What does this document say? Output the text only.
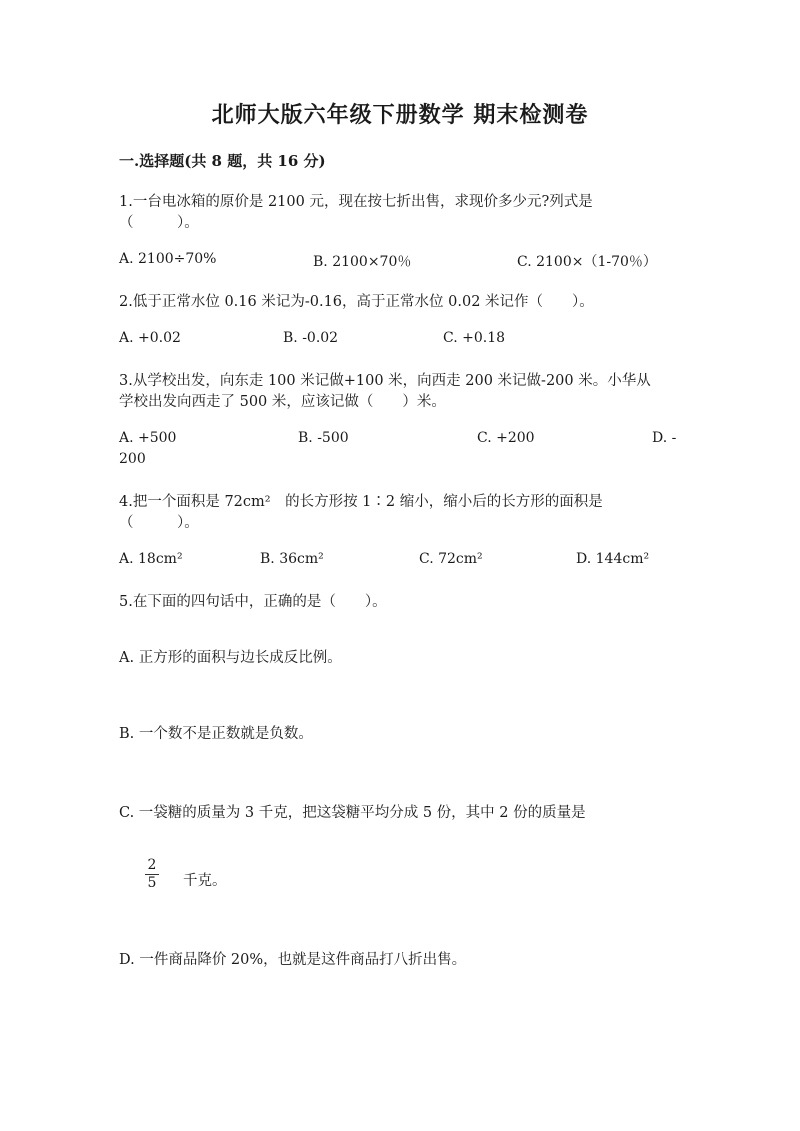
北师大版六年级下册数学 期末检测卷
一.选择题(共 8 题，共 16 分)
1.一台电冰箱的原价是 2100 元，现在按七折出售，求现价多少元?列式是
（　　　）。
A. 2100÷70%	B. 2100×70％	C. 2100×（1-70％）
2.低于正常水位 0.16 米记为-0.16，高于正常水位 0.02 米记作（　　）。
A. +0.02	B. -0.02	C. +0.18
3.从学校出发，向东走 100 米记做+100 米，向西走 200 米记做-200 米。小华从
学校出发向西走了 500 米，应该记做（　　）米。
A. +500	B. -500	C. +200	D. -
200
4.把一个面积是 72cm²　的长方形按 1∶2 缩小，缩小后的长方形的面积是
（　　　）。
A. 18cm²	B. 36cm²	C. 72cm²	D. 144cm²
5.在下面的四句话中，正确的是（　　）。
A. 正方形的面积与边长成反比例。
B. 一个数不是正数就是负数。
C. 一袋糖的质量为 3 千克，把这袋糖平均分成 5 份，其中 2 份的质量是
2
5 千克。
D. 一件商品降价 20%，也就是这件商品打八折出售。
